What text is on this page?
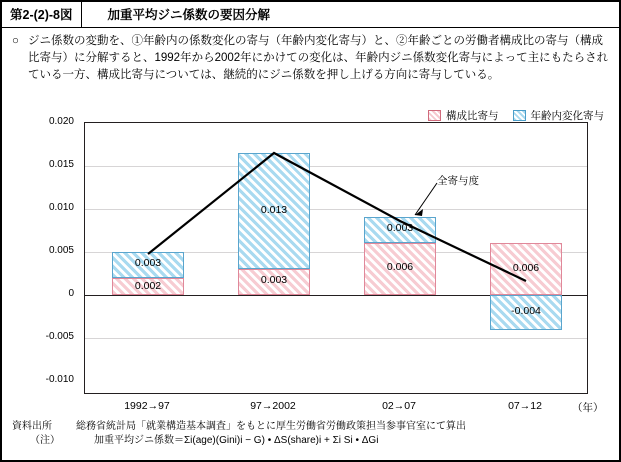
第2-(2)-8図	加重平均ジニ係数の要因分解
○ ジニ係数の変動を、①年齢内の係数変化の寄与（年齢内変化寄与）と、②年齢ごとの労働者構成比の寄与（構成比寄与）に分解すると、1992年から2002年にかけての変化は、年齢内ジニ係数変化寄与によって主にもたらされている一方、構成比寄与については、継続的にジニ係数を押し上げる方向に寄与している。
構成比寄与	年齢内変化寄与
0.020
0.015
0.010
0.005
0
-0.005
-0.010
0.003
0.002
0.013
0.003
0.003
0.006	0.006
-0.004
全寄与度
1992→97	97→2002	02→07	07→12	（年）
資料出所	総務省統計局「就業構造基本調査」をもとに厚生労働省労働政策担当参事官室にて算出
（注）	加重平均ジニ係数＝Σi(age)(Gini)i − G) • ΔS(share)i + Σi Si • ΔGi
